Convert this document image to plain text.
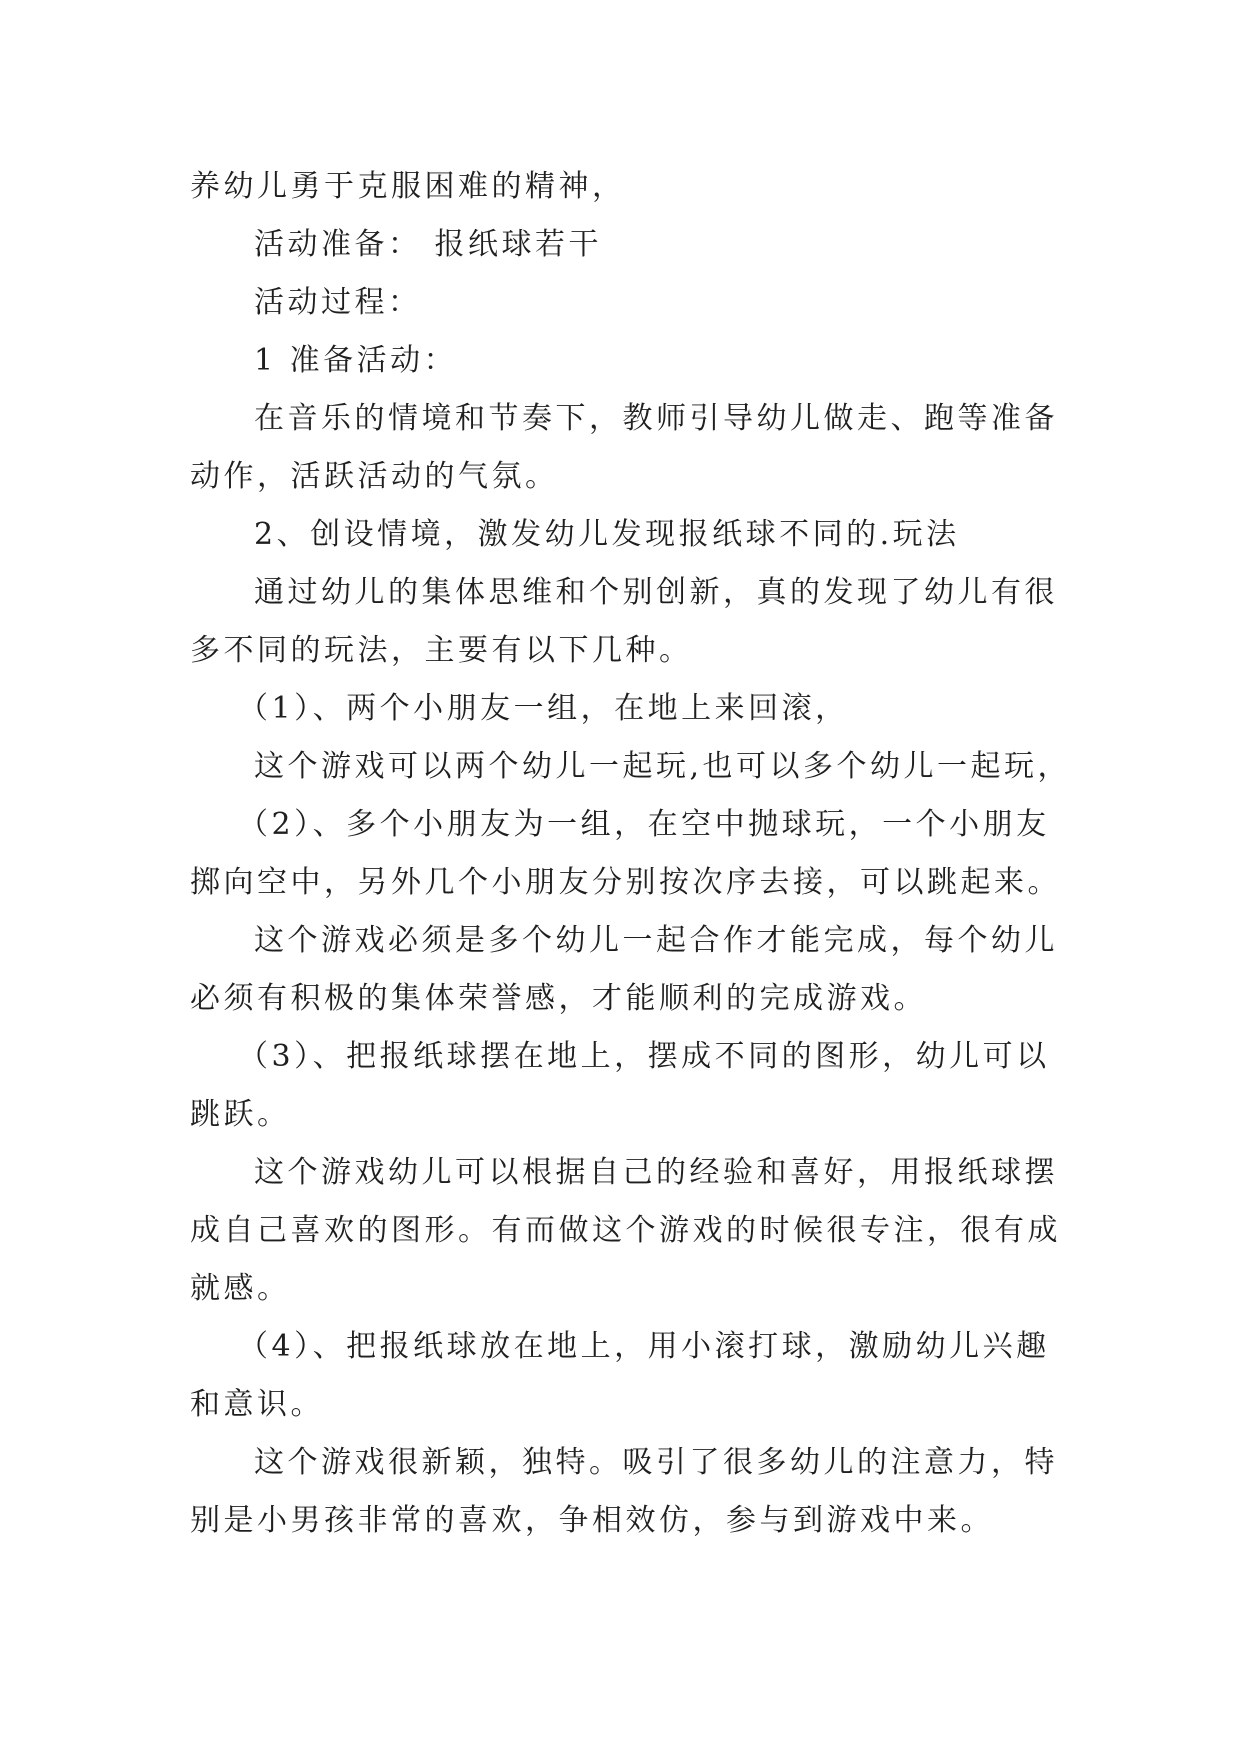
养幼儿勇于克服困难的精神，
活动准备： 报纸球若干
活动过程：
1 准备活动：
在音乐的情境和节奏下，教师引导幼儿做走、跑等准备
动作，活跃活动的气氛。
2、创设情境，激发幼儿发现报纸球不同的.玩法
通过幼儿的集体思维和个别创新，真的发现了幼儿有很
多不同的玩法，主要有以下几种。
（1）、两个小朋友一组，在地上来回滚，
这个游戏可以两个幼儿一起玩,也可以多个幼儿一起玩，
（2）、多个小朋友为一组，在空中抛球玩，一个小朋友
掷向空中，另外几个小朋友分别按次序去接，可以跳起来。
这个游戏必须是多个幼儿一起合作才能完成，每个幼儿
必须有积极的集体荣誉感，才能顺利的完成游戏。
（3）、把报纸球摆在地上，摆成不同的图形，幼儿可以
跳跃。
这个游戏幼儿可以根据自己的经验和喜好，用报纸球摆
成自己喜欢的图形。有而做这个游戏的时候很专注，很有成
就感。
（4）、把报纸球放在地上，用小滚打球，激励幼儿兴趣
和意识。
这个游戏很新颖，独特。吸引了很多幼儿的注意力，特
别是小男孩非常的喜欢，争相效仿，参与到游戏中来。
